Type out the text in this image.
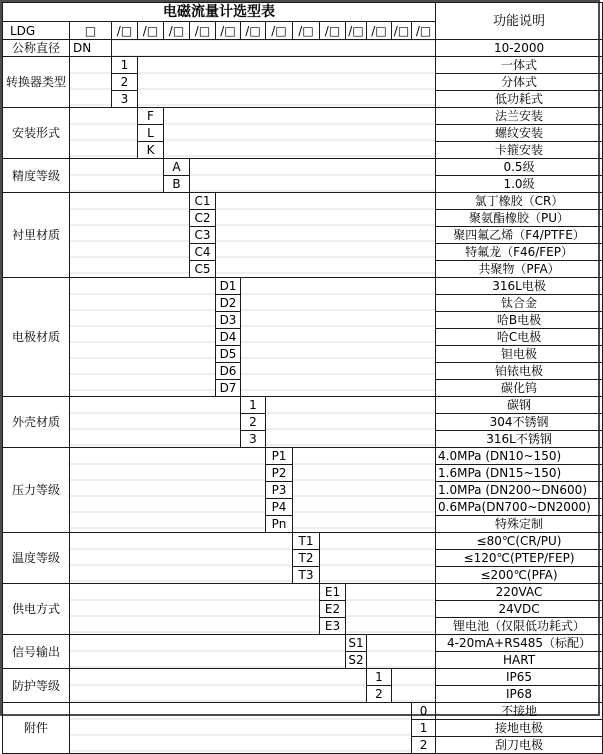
电磁流量计选型表															功能说明
LDG	□	/□	/□	/□	/□	/□	/□	/□	/□	/□	/□	/□	/□	/□	
公称直径	DN														10-2000
转换器类型		1													一体式
		2													分体式
		3													低功耗式
安装形式			F												法兰安装
			L												螺纹安装
			K												卡箍安装
精度等级				A											0.5级
				B											1.0级
衬里材质					C1										氯丁橡胶（CR）
					C2										聚氨酯橡胶（PU）
					C3										聚四氟乙烯（F4/PTFE）
					C4										特氟龙（F46/FEP）
					C5										共聚物（PFA）
电极材质						D1									316L电极
						D2									钛合金
						D3									哈B电极
						D4									哈C电极
						D5									钽电极
						D6									铂铱电极
						D7									碳化钨
外壳材质							1								碳钢
							2								304不锈钢
							3								316L不锈钢
压力等级								P1							4.0MPa (DN10~150)
								P2							1.6MPa (DN15~150)
								P3							1.0MPa (DN200~DN600)
								P4							0.6MPa(DN700~DN2000)
								Pn							特殊定制
温度等级									T1						≤80℃(CR/PU)
									T2						≤120℃(PTEP/FEP)
									T3						≤200℃(PFA)
供电方式										E1					220VAC
										E2					24VDC
										E3					锂电池（仅限低功耗式）
信号输出											S1				4-20mA+RS485（标配）
											S2				HART
防护等级												1			IP65
												2			IP68
附件														0	不接地
														1	接地电极
														2	刮刀电极
